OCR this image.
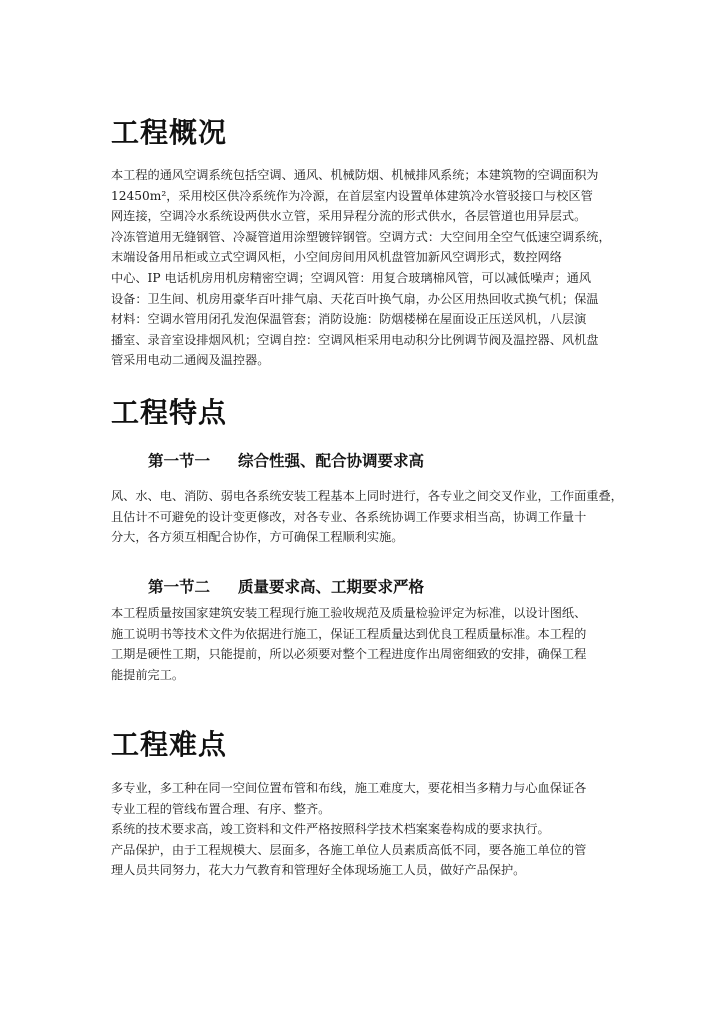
工程概况
本工程的通风空调系统包括空调、通风、机械防烟、机械排风系统；本建筑物的空调面积为
12450m²，采用校区供冷系统作为冷源，在首层室内设置单体建筑冷水管驳接口与校区管
网连接，空调冷水系统设两供水立管，采用异程分流的形式供水，各层管道也用异层式。
冷冻管道用无缝钢管、冷凝管道用涂塑镀锌钢管。空调方式：大空间用全空气低速空调系统，
末端设备用吊柜或立式空调风柜，小空间房间用风机盘管加新风空调形式，数控网络
中心、IP 电话机房用机房精密空调；空调风管：用复合玻璃棉风管，可以减低噪声；通风
设备：卫生间、机房用豪华百叶排气扇、天花百叶换气扇，办公区用热回收式换气机；保温
材料：空调水管用闭孔发泡保温管套；消防设施：防烟楼梯在屋面设正压送风机，八层演
播室、录音室设排烟风机；空调自控：空调风柜采用电动积分比例调节阀及温控器、风机盘
管采用电动二通阀及温控器。
工程特点
第一节一 综合性强、配合协调要求高
风、水、电、消防、弱电各系统安装工程基本上同时进行，各专业之间交叉作业，工作面重叠，
且估计不可避免的设计变更修改，对各专业、各系统协调工作要求相当高，协调工作量十
分大，各方须互相配合协作，方可确保工程顺利实施。
第一节二 质量要求高、工期要求严格
本工程质量按国家建筑安装工程现行施工验收规范及质量检验评定为标准，以设计图纸、
施工说明书等技术文件为依据进行施工，保证工程质量达到优良工程质量标准。本工程的
工期是硬性工期，只能提前，所以必须要对整个工程进度作出周密细致的安排，确保工程
能提前完工。
工程难点
多专业，多工种在同一空间位置布管和布线，施工难度大，要花相当多精力与心血保证各
专业工程的管线布置合理、有序、整齐。
系统的技术要求高，竣工资料和文件严格按照科学技术档案案卷构成的要求执行。
产品保护，由于工程规模大、层面多，各施工单位人员素质高低不同，要各施工单位的管
理人员共同努力，花大力气教育和管理好全体现场施工人员，做好产品保护。
